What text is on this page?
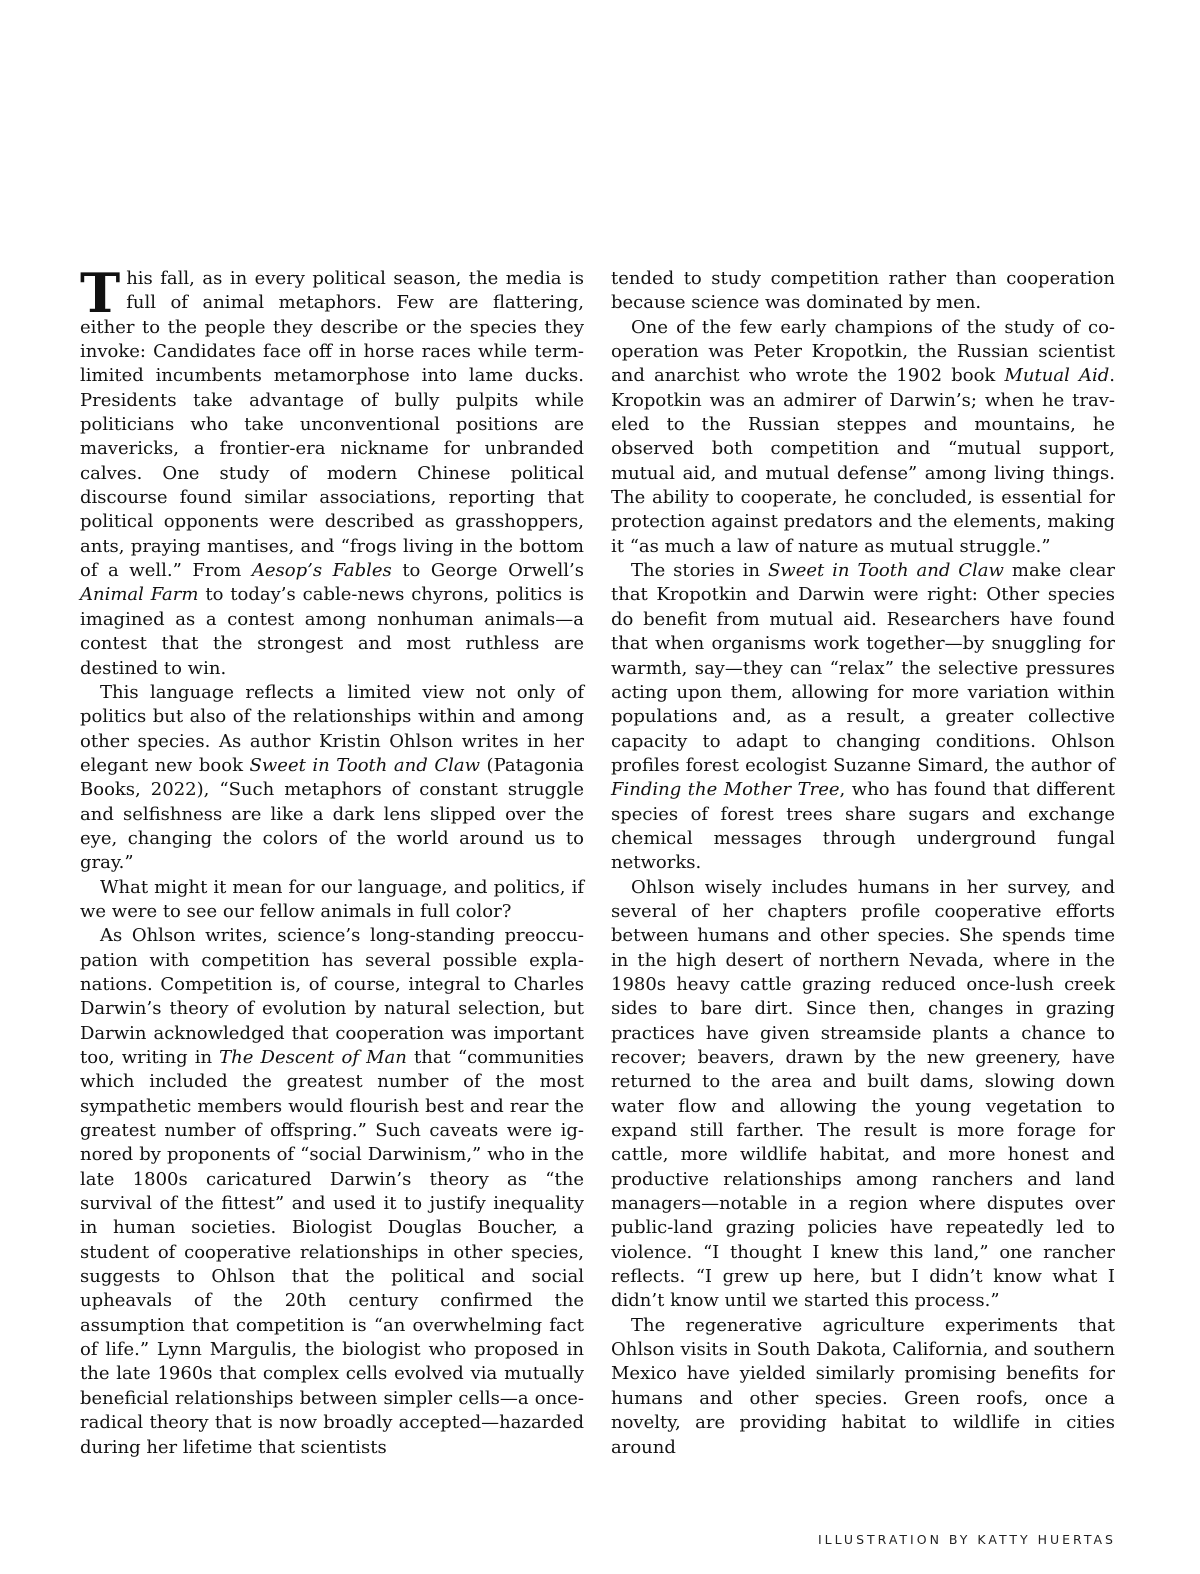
This fall, as in every political season, the media is full of animal metaphors. Few are flattering, either to the people they describe or the species they invoke: Candidates face off in horse races while term-limited incumbents metamorphose into lame ducks. Presidents take advantage of bully pulpits while politicians who take unconventional positions are mavericks, a frontier-era nickname for unbranded calves. One study of modern Chinese political discourse found similar associations, reporting that political opponents were described as grasshoppers, ants, praying mantises, and “frogs living in the bottom of a well.” From Aesop’s Fables to George Orwell’s Animal Farm to today’s cable-news chyrons, politics is imagined as a contest among nonhuman animals—a contest that the strongest and most ruthless are destined to win.

This language reflects a limited view not only of politics but also of the relationships within and among other species. As author Kristin Ohlson writes in her elegant new book Sweet in Tooth and Claw (Patagonia Books, 2022), “Such metaphors of constant struggle and selfishness are like a dark lens slipped over the eye, changing the colors of the world around us to gray.”

What might it mean for our language, and politics, if we were to see our fellow animals in full color?

As Ohlson writes, science’s long-standing preoccupation with competition has several possible explanations. Competition is, of course, integral to Charles Darwin’s theory of evolution by natural selection, but Darwin acknowledged that cooperation was important too, writing in The Descent of Man that “communities which included the greatest number of the most sympathetic members would flourish best and rear the greatest number of offspring.” Such caveats were ignored by proponents of “social Darwinism,” who in the late 1800s caricatured Darwin’s theory as “the survival of the fittest” and used it to justify inequality in human societies. Biologist Douglas Boucher, a student of cooperative relationships in other species, suggests to Ohlson that the political and social upheavals of the 20th century confirmed the assumption that competition is “an overwhelming fact of life.” Lynn Margulis, the biologist who proposed in the late 1960s that complex cells evolved via mutually beneficial relationships between simpler cells—a once-radical theory that is now broadly accepted—hazarded during her lifetime that scientists

tended to study competition rather than cooperation because science was dominated by men.

One of the few early champions of the study of cooperation was Peter Kropotkin, the Russian scientist and anarchist who wrote the 1902 book Mutual Aid. Kropotkin was an admirer of Darwin’s; when he traveled to the Russian steppes and mountains, he observed both competition and “mutual support, mutual aid, and mutual defense” among living things. The ability to cooperate, he concluded, is essential for protection against predators and the elements, making it “as much a law of nature as mutual struggle.”

The stories in Sweet in Tooth and Claw make clear that Kropotkin and Darwin were right: Other species do benefit from mutual aid. Researchers have found that when organisms work together—by snuggling for warmth, say—they can “relax” the selective pressures acting upon them, allowing for more variation within populations and, as a result, a greater collective capacity to adapt to changing conditions. Ohlson profiles forest ecologist Suzanne Simard, the author of Finding the Mother Tree, who has found that different species of forest trees share sugars and exchange chemical messages through underground fungal networks.

Ohlson wisely includes humans in her survey, and several of her chapters profile cooperative efforts between humans and other species. She spends time in the high desert of northern Nevada, where in the 1980s heavy cattle grazing reduced once-lush creek sides to bare dirt. Since then, changes in grazing practices have given streamside plants a chance to recover; beavers, drawn by the new greenery, have returned to the area and built dams, slowing down water flow and allowing the young vegetation to expand still farther. The result is more forage for cattle, more wildlife habitat, and more honest and productive relationships among ranchers and land managers—notable in a region where disputes over public-land grazing policies have repeatedly led to violence. “I thought I knew this land,” one rancher reflects. “I grew up here, but I didn’t know what I didn’t know until we started this process.”

The regenerative agriculture experiments that Ohlson visits in South Dakota, California, and southern Mexico have yielded similarly promising benefits for humans and other species. Green roofs, once a novelty, are providing habitat to wildlife in cities around

ILLUSTRATION BY KATTY HUERTAS
